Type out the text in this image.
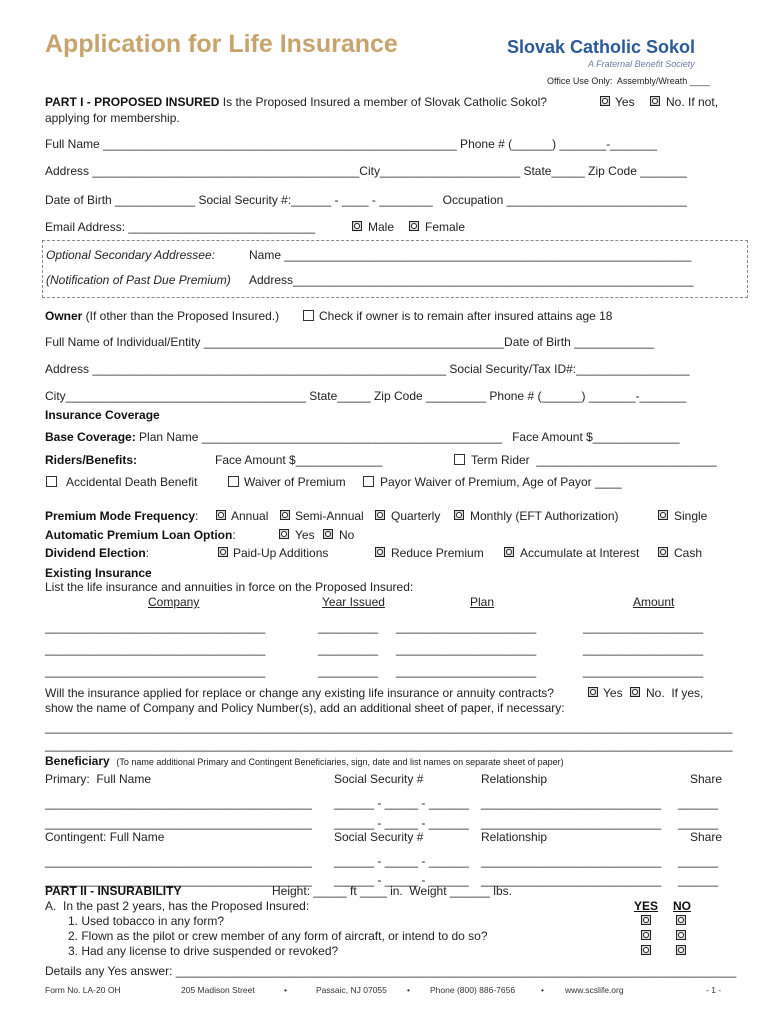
Application for Life Insurance	Slovak Catholic Sokol
A Fraternal Benefit Society
Office Use Only:  Assembly/Wreath ____
PART I - PROPOSED INSURED Is the Proposed Insured a member of Slovak Catholic Sokol?	Yes	No. If not,
applying for membership.
Full Name _____________________________________________________ Phone # (______) _______-_______
Address ________________________________________City_____________________ State_____ Zip Code _______
Date of Birth ____________ Social Security #:______ - ____ - ________   Occupation ___________________________
Email Address: ____________________________	Male	Female
Optional Secondary Addressee:	Name _____________________________________________________________
(Notification of Past Due Premium) Address____________________________________________________________
Owner (If other than the Proposed Insured.)	Check if owner is to remain after insured attains age 18
Full Name of Individual/Entity _____________________________________________Date of Birth ____________
Address _____________________________________________________ Social Security/Tax ID#:_________________
City____________________________________ State_____ Zip Code _________ Phone # (______) _______-_______
Insurance Coverage
Base Coverage: Plan Name _____________________________________________   Face Amount $_____________
Riders/Benefits:	Face Amount $_____________	Term Rider  ___________________________
Accidental Death Benefit	Waiver of Premium	Payor Waiver of Premium, Age of Payor ____
Premium Mode Frequency:	Annual Semi-Annual Quarterly Monthly (EFT Authorization)	Single
Automatic Premium Loan Option:	Yes No
Dividend Election:	Paid-Up Additions	Reduce Premium	Accumulate at Interest	Cash
Existing Insurance
List the life insurance and annuities in force on the Proposed Insured:
Company	Year Issued	Plan	Amount
_________________________________	_________ _____________________	__________________
_________________________________	_________ _____________________	__________________
_________________________________	_________ _____________________	__________________
Will the insurance applied for replace or change any existing life insurance or annuity contracts?	Yes No.  If yes,
show the name of Company and Policy Number(s), add an additional sheet of paper, if necessary:
_______________________________________________________________________________________________________
_______________________________________________________________________________________________________
Beneficiary (To name additional Primary and Contingent Beneficiaries, sign, date and list names on separate sheet of paper)
Primary:  Full Name	Social Security #	Relationship	Share
________________________________________ ______ - _____ - ______ ___________________________ ______
________________________________________ ______ - _____ - ______ ___________________________ ______
Contingent: Full Name	Social Security #	Relationship	Share
________________________________________ ______ - _____ - ______ ___________________________ ______
________________________________________ ______ - _____ - ______ ___________________________ ______
PART II - INSURABILITY	Height: _____ ft ____ in.  Weight ______ lbs.
A.  In the past 2 years, has the Proposed Insured:	YES NO
1. Used tobacco in any form?
2. Flown as the pilot or crew member of any form of aircraft, or intend to do so?
3. Had any license to drive suspended or revoked?
Details any Yes answer: ____________________________________________________________________________________
Form No. LA-20 OH	205 Madison Street	•	Passaic, NJ 07055 • Phone (800) 886-7656	• www.scslife.org	- 1 -
